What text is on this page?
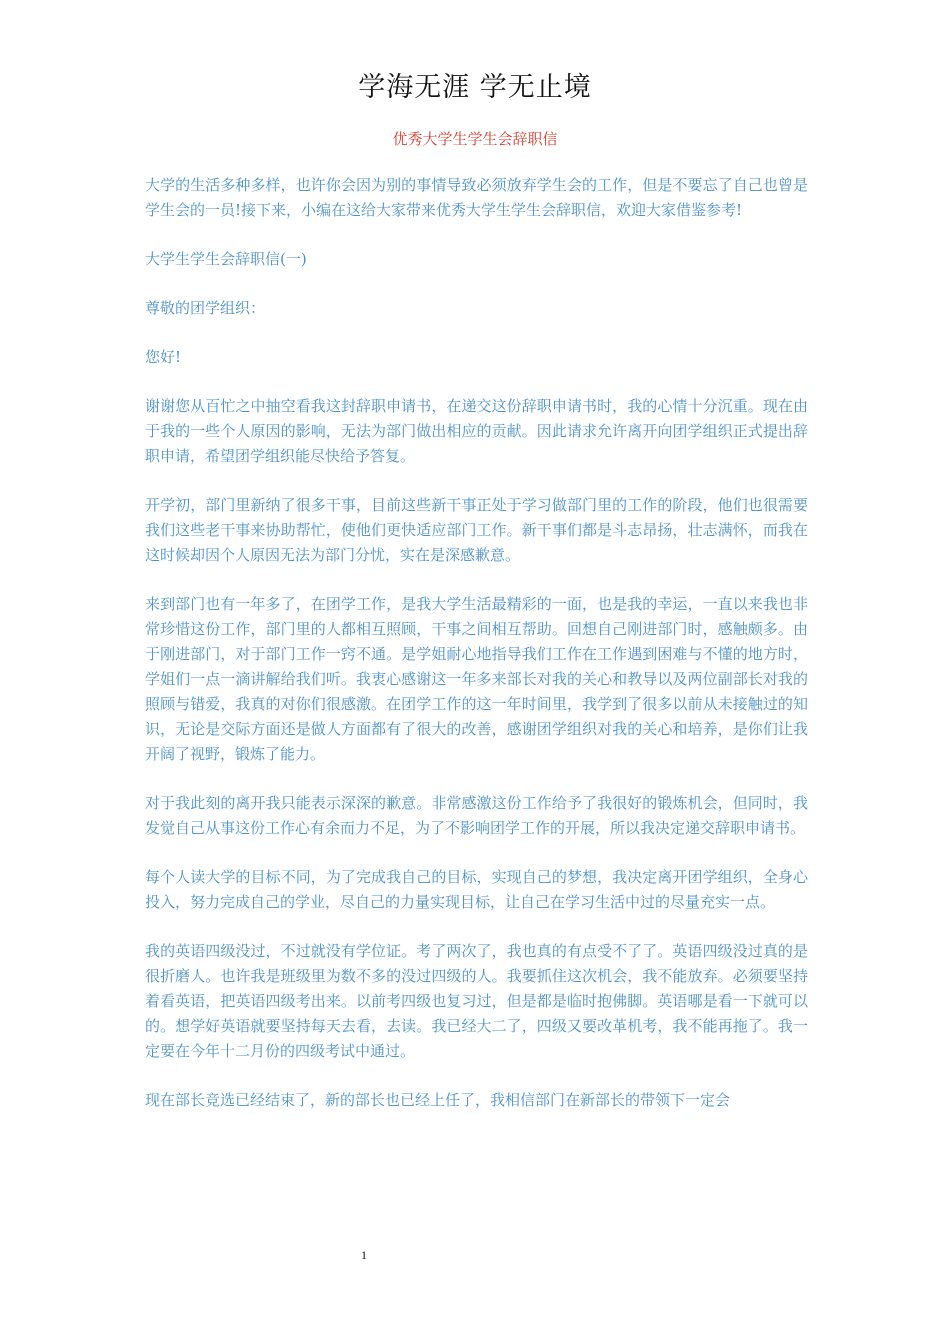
学海无涯 学无止境
优秀大学生学生会辞职信

大学的生活多种多样，也许你会因为别的事情导致必须放弃学生会的工作，但是不要忘了自己也曾是学生会的一员!接下来，小编在这给大家带来优秀大学生学生会辞职信，欢迎大家借鉴参考!

大学生学生会辞职信(一)

尊敬的团学组织：

您好!

谢谢您从百忙之中抽空看我这封辞职申请书，在递交这份辞职申请书时，我的心情十分沉重。现在由于我的一些个人原因的影响，无法为部门做出相应的贡献。因此请求允许离开向团学组织正式提出辞职申请，希望团学组织能尽快给予答复。

开学初，部门里新纳了很多干事，目前这些新干事正处于学习做部门里的工作的阶段，他们也很需要我们这些老干事来协助帮忙，使他们更快适应部门工作。新干事们都是斗志昂扬，壮志满怀，而我在这时候却因个人原因无法为部门分忧，实在是深感歉意。

来到部门也有一年多了，在团学工作，是我大学生活最精彩的一面，也是我的幸运，一直以来我也非常珍惜这份工作，部门里的人都相互照顾，干事之间相互帮助。回想自己刚进部门时，感触颇多。由于刚进部门，对于部门工作一窍不通。是学姐耐心地指导我们工作在工作遇到困难与不懂的地方时，学姐们一点一滴讲解给我们听。我衷心感谢这一年多来部长对我的关心和教导以及两位副部长对我的照顾与错爱，我真的对你们很感激。在团学工作的这一年时间里，我学到了很多以前从未接触过的知识，无论是交际方面还是做人方面都有了很大的改善，感谢团学组织对我的关心和培养，是你们让我开阔了视野，锻炼了能力。

对于我此刻的离开我只能表示深深的歉意。非常感激这份工作给予了我很好的锻炼机会，但同时，我发觉自己从事这份工作心有余而力不足，为了不影响团学工作的开展，所以我决定递交辞职申请书。

每个人读大学的目标不同，为了完成我自己的目标，实现自己的梦想，我决定离开团学组织，全身心投入，努力完成自己的学业，尽自己的力量实现目标，让自己在学习生活中过的尽量充实一点。

我的英语四级没过，不过就没有学位证。考了两次了，我也真的有点受不了了。英语四级没过真的是很折磨人。也许我是班级里为数不多的没过四级的人。我要抓住这次机会，我不能放弃。必须要坚持着看英语，把英语四级考出来。以前考四级也复习过，但是都是临时抱佛脚。英语哪是看一下就可以的。想学好英语就要坚持每天去看，去读。我已经大二了，四级又要改革机考，我不能再拖了。我一定要在今年十二月份的四级考试中通过。

现在部长竞选已经结束了，新的部长也已经上任了，我相信部门在新部长的带领下一定会

1
